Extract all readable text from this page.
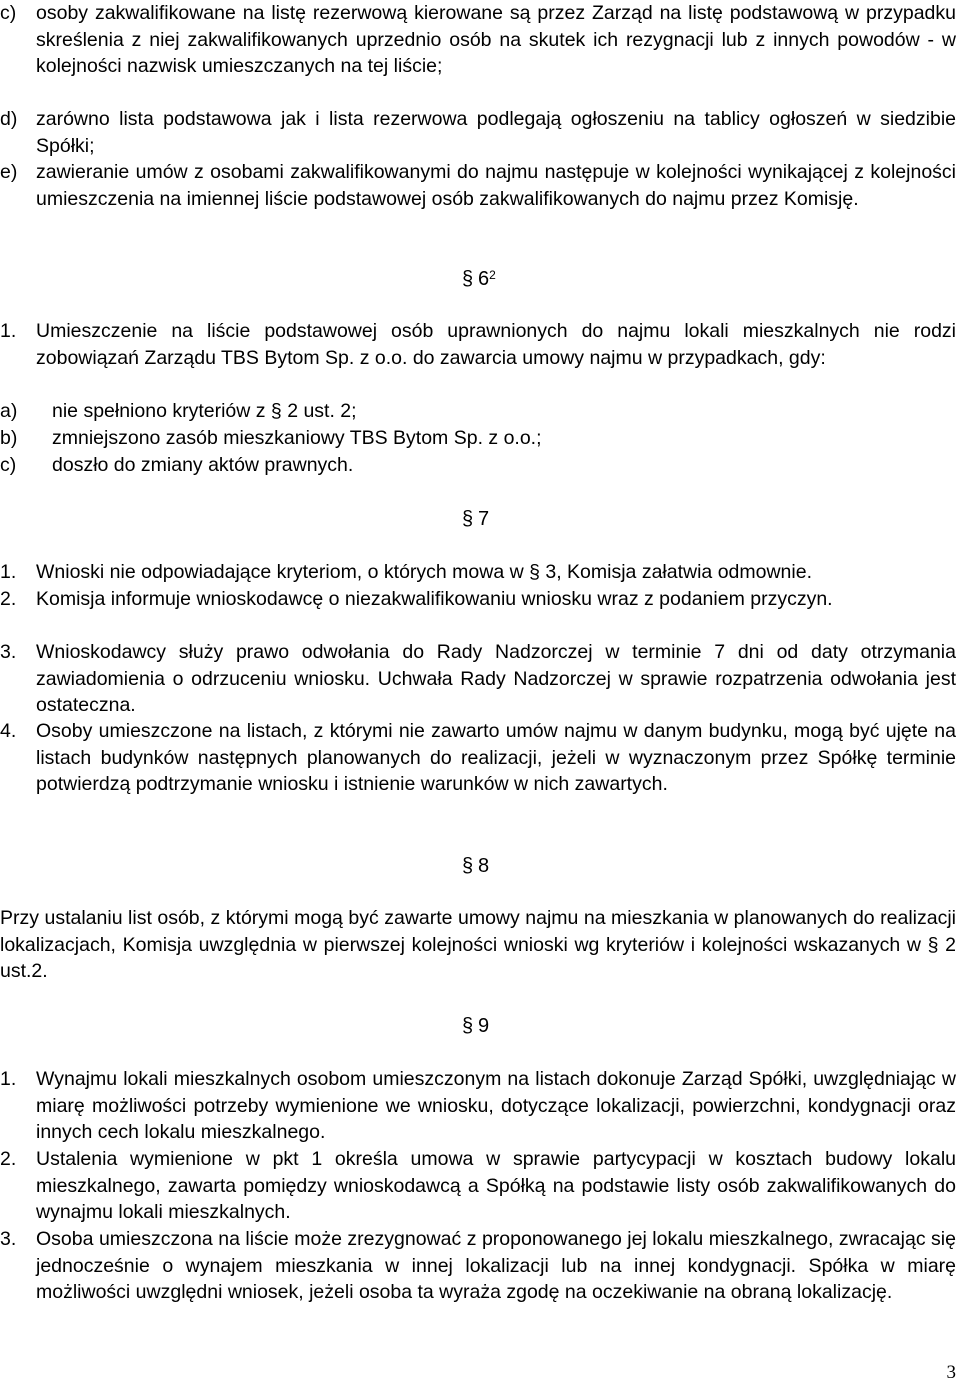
c) osoby zakwalifikowane na listę rezerwową kierowane są przez Zarząd na listę podstawową w przypadku skreślenia z niej zakwalifikowanych uprzednio osób na skutek ich rezygnacji lub z innych powodów - w kolejności nazwisk umieszczanych na tej liście;
d) zarówno lista podstawowa jak i lista rezerwowa podlegają ogłoszeniu na tablicy ogłoszeń w siedzibie Spółki;
e) zawieranie umów z osobami zakwalifikowanymi do najmu następuje w kolejności wynikającej z kolejności umieszczenia na imiennej liście podstawowej osób zakwalifikowanych do najmu przez Komisję.
§ $6^2$
1. Umieszczenie na liście podstawowej osób uprawnionych do najmu lokali mieszkalnych nie rodzi zobowiązań Zarządu TBS Bytom Sp. z o.o. do zawarcia umowy najmu w przypadkach, gdy:
a) nie spełniono kryteriów z § 2 ust. 2;
b) zmniejszono zasób mieszkaniowy TBS Bytom Sp. z o.o.;
c) doszło do zmiany aktów prawnych.
§ 7
1. Wnioski nie odpowiadające kryteriom, o których mowa w § 3, Komisja załatwia odmownie.
2. Komisja informuje wnioskodawcę o niezakwalifikowaniu wniosku wraz z podaniem przyczyn.
3. Wnioskodawcy służy prawo odwołania do Rady Nadzorczej w terminie 7 dni od daty otrzymania zawiadomienia o odrzuceniu wniosku. Uchwała Rady Nadzorczej w sprawie rozpatrzenia odwołania jest ostateczna.
4. Osoby umieszczone na listach, z którymi nie zawarto umów najmu w danym budynku, mogą być ujęte na listach budynków następnych planowanych do realizacji, jeżeli w wyznaczonym przez Spółkę terminie potwierdzą podtrzymanie wniosku i istnienie warunków w nich zawartych.
§ 8
Przy ustalaniu list osób, z którymi mogą być zawarte umowy najmu na mieszkania w planowanych do realizacji lokalizacjach, Komisja uwzględnia w pierwszej kolejności wnioski wg kryteriów i kolejności wskazanych w § 2 ust.2.
§ 9
1. Wynajmu lokali mieszkalnych osobom umieszczonym na listach dokonuje Zarząd Spółki, uwzględniając w miarę możliwości potrzeby wymienione we wniosku, dotyczące lokalizacji, powierzchni, kondygnacji oraz innych cech lokalu mieszkalnego.
2. Ustalenia wymienione w pkt 1 określa umowa w sprawie partycypacji w kosztach budowy lokalu mieszkalnego, zawarta pomiędzy wnioskodawcą a Spółką na podstawie listy osób zakwalifikowanych do wynajmu lokali mieszkalnych.
3. Osoba umieszczona na liście może zrezygnować z proponowanego jej lokalu mieszkalnego, zwracając się jednocześnie o wynajem mieszkania w innej lokalizacji lub na innej kondygnacji. Spółka w miarę możliwości uwzględni wniosek, jeżeli osoba ta wyraża zgodę na oczekiwanie na obraną lokalizację.
3
